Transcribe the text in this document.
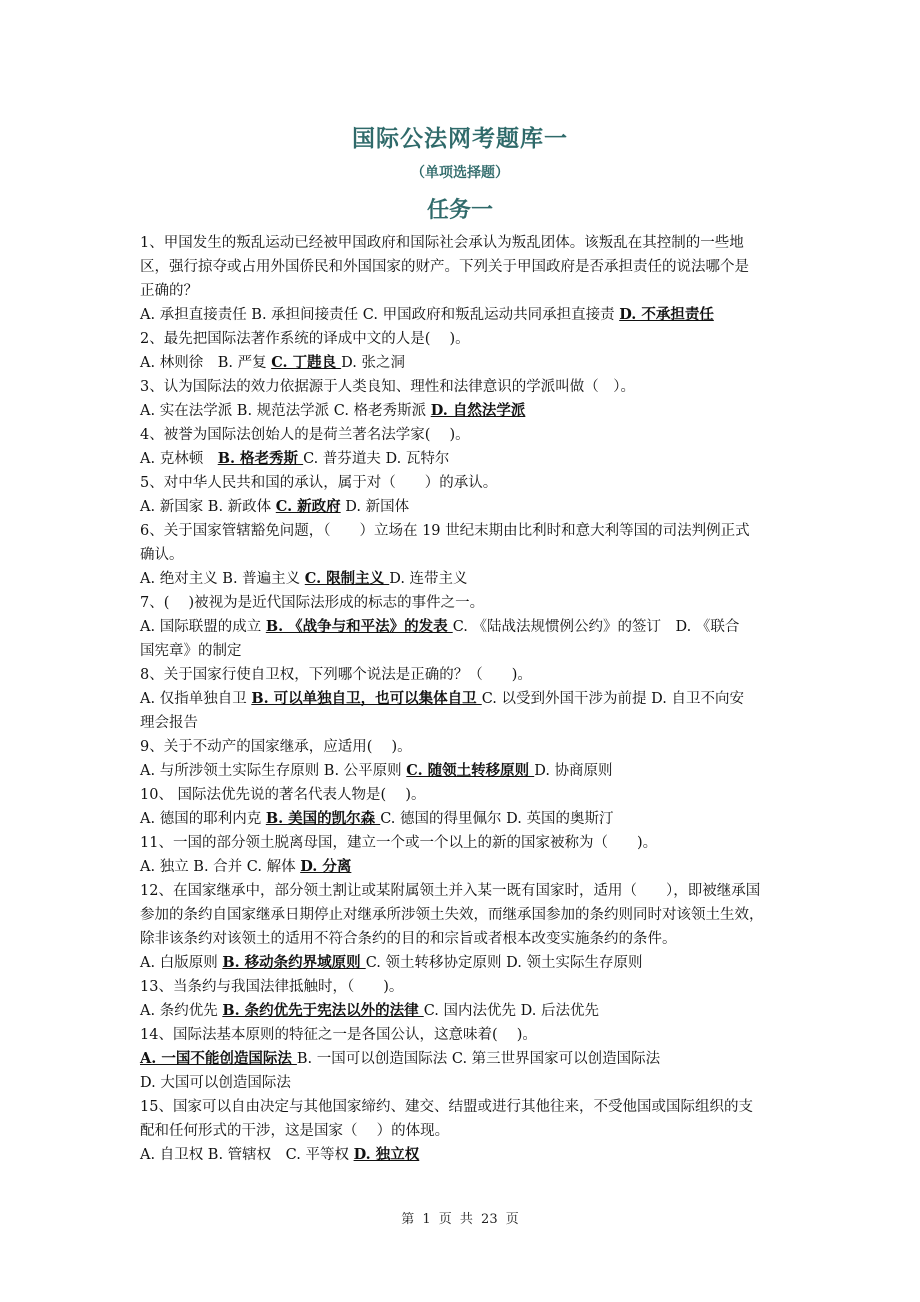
国际公法网考题库一
（单项选择题）
任务一
1、甲国发生的叛乱运动已经被甲国政府和国际社会承认为叛乱团体。该叛乱在其控制的一些地
区，强行掠夺或占用外国侨民和外国国家的财产。下列关于甲国政府是否承担责任的说法哪个是
正确的？
A. 承担直接责任 B. 承担间接责任 C. 甲国政府和叛乱运动共同承担直接责 D. 不承担责任
2、最先把国际法著作系统的译成中文的人是(　 )。
A. 林则徐　B. 严复 C. 丁韪良 D. 张之洞
3、认为国际法的效力依据源于人类良知、理性和法律意识的学派叫做（　）。
A. 实在法学派 B. 规范法学派 C. 格老秀斯派 D. 自然法学派
4、被誉为国际法创始人的是荷兰著名法学家(　 )。
A. 克林顿　B. 格老秀斯 C. 普芬道夫 D. 瓦特尔
5、对中华人民共和国的承认，属于对（　　）的承认。
A. 新国家 B. 新政体 C. 新政府 D. 新国体
6、关于国家管辖豁免问题，（　　）立场在 19 世纪末期由比利时和意大利等国的司法判例正式
确认。
A. 绝对主义 B. 普遍主义 C. 限制主义 D. 连带主义
7、(　 )被视为是近代国际法形成的标志的事件之一。
A. 国际联盟的成立 B. 《战争与和平法》的发表 C. 《陆战法规惯例公约》的签订　D. 《联合
国宪章》的制定
8、关于国家行使自卫权，下列哪个说法是正确的？（　　)。
A. 仅指单独自卫 B. 可以单独自卫，也可以集体自卫 C. 以受到外国干涉为前提 D. 自卫不向安
理会报告
9、关于不动产的国家继承，应适用(　 )。
A. 与所涉领土实际生存原则 B. 公平原则 C. 随领土转移原则 D. 协商原则
10、 国际法优先说的著名代表人物是(　 )。
A. 德国的耶利内克 B. 美国的凯尔森 C. 德国的得里佩尔 D. 英国的奥斯汀
11、一国的部分领土脱离母国，建立一个或一个以上的新的国家被称为（　　)。
A. 独立 B. 合并 C. 解体 D. 分离
12、在国家继承中，部分领土割让或某附属领土并入某一既有国家时，适用（　　），即被继承国
参加的条约自国家继承日期停止对继承所涉领土失效，而继承国参加的条约则同时对该领土生效，
除非该条约对该领土的适用不符合条约的目的和宗旨或者根本改变实施条约的条件。
A. 白版原则 B. 移动条约界域原则 C. 领土转移协定原则 D. 领土实际生存原则
13、当条约与我国法律抵触时，（　　)。
A. 条约优先 B. 条约优先于宪法以外的法律 C. 国内法优先 D. 后法优先
14、国际法基本原则的特征之一是各国公认，这意味着(　 )。
A. 一国不能创造国际法 B. 一国可以创造国际法 C. 第三世界国家可以创造国际法
D. 大国可以创造国际法
15、国家可以自由决定与其他国家缔约、建交、结盟或进行其他往来，不受他国或国际组织的支
配和任何形式的干涉，这是国家（　 ）的体现。
A. 自卫权 B. 管辖权　C. 平等权 D. 独立权
第 1 页 共 23 页
